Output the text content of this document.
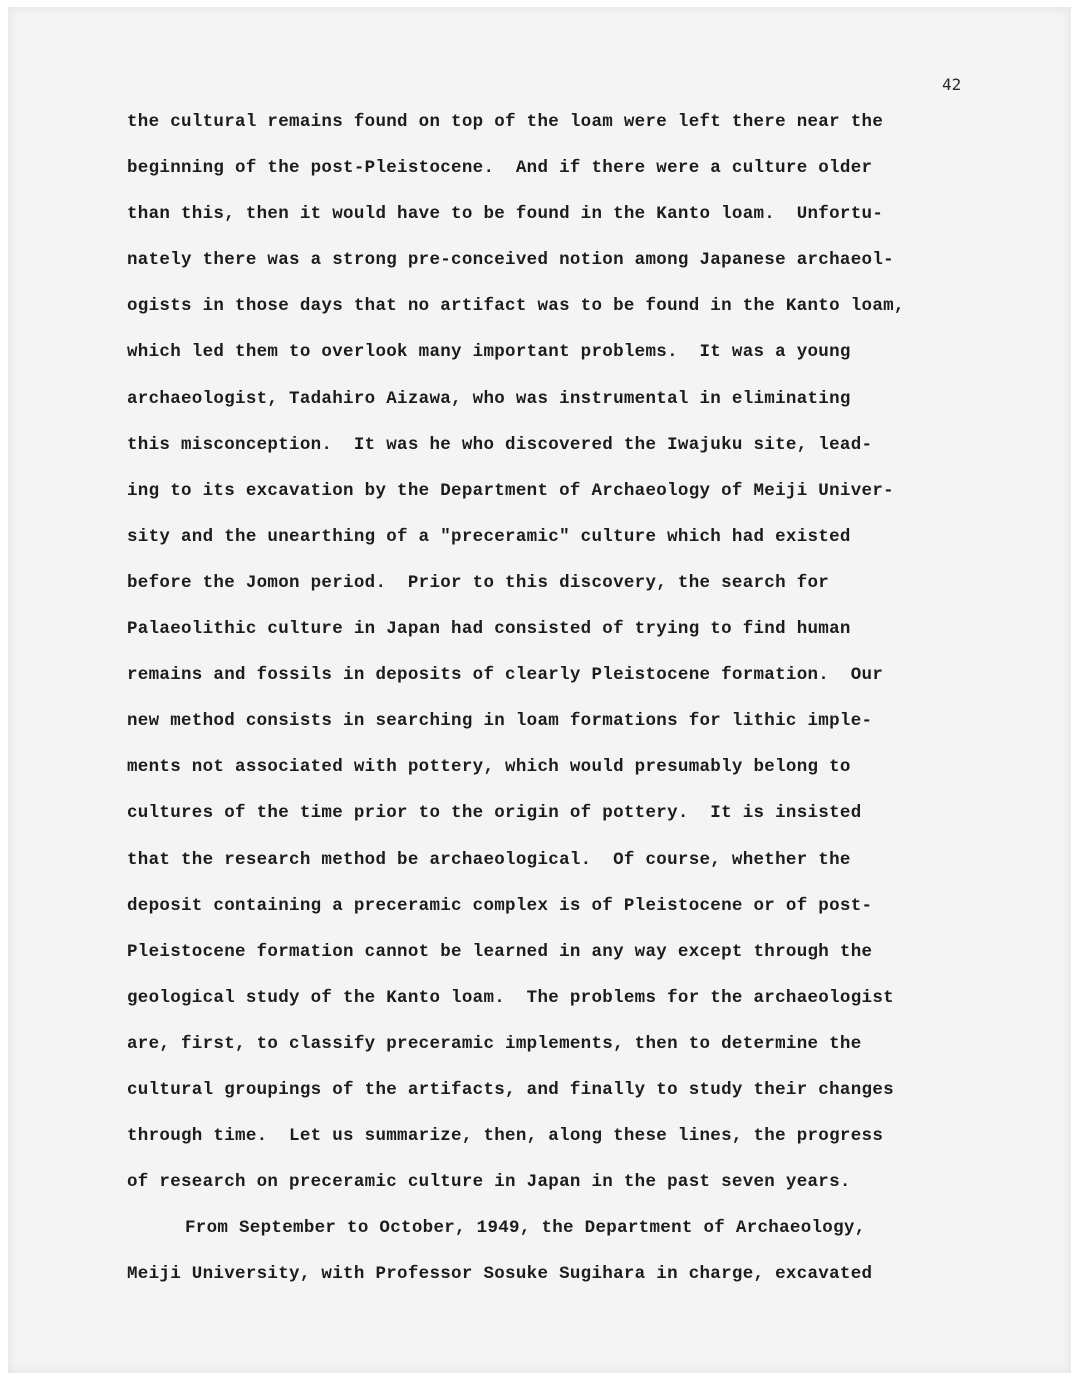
42
the cultural remains found on top of the loam were left there near the
beginning of the post-Pleistocene.  And if there were a culture older
than this, then it would have to be found in the Kanto loam.  Unfortu-
nately there was a strong pre-conceived notion among Japanese archaeol-
ogists in those days that no artifact was to be found in the Kanto loam,
which led them to overlook many important problems.  It was a young
archaeologist, Tadahiro Aizawa, who was instrumental in eliminating
this misconception.  It was he who discovered the Iwajuku site, lead-
ing to its excavation by the Department of Archaeology of Meiji Univer-
sity and the unearthing of a "preceramic" culture which had existed
before the Jomon period.  Prior to this discovery, the search for
Palaeolithic culture in Japan had consisted of trying to find human
remains and fossils in deposits of clearly Pleistocene formation.  Our
new method consists in searching in loam formations for lithic imple-
ments not associated with pottery, which would presumably belong to
cultures of the time prior to the origin of pottery.  It is insisted
that the research method be archaeological.  Of course, whether the
deposit containing a preceramic complex is of Pleistocene or of post-
Pleistocene formation cannot be learned in any way except through the
geological study of the Kanto loam.  The problems for the archaeologist
are, first, to classify preceramic implements, then to determine the
cultural groupings of the artifacts, and finally to study their changes
through time.  Let us summarize, then, along these lines, the progress
of research on preceramic culture in Japan in the past seven years.
From September to October, 1949, the Department of Archaeology,
Meiji University, with Professor Sosuke Sugihara in charge, excavated
